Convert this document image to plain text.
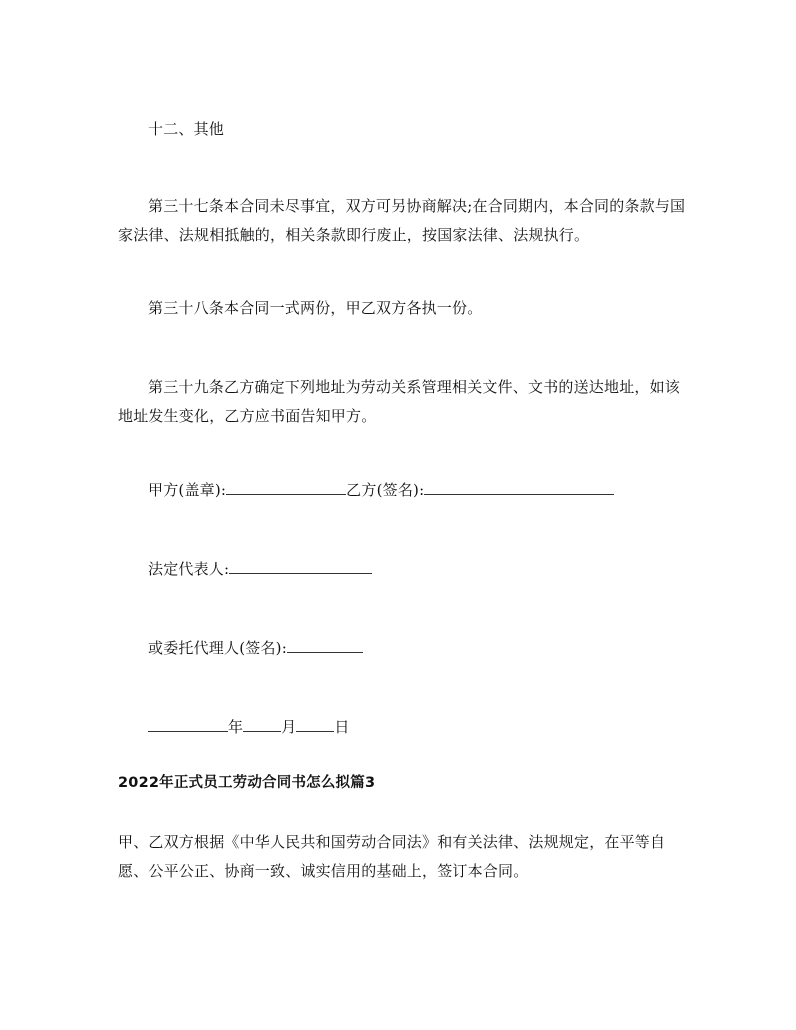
十二、其他
第三十七条本合同未尽事宜，双方可另协商解决;在合同期内，本合同的条款与国家法律、法规相抵触的，相关条款即行废止，按国家法律、法规执行。
第三十八条本合同一式两份，甲乙双方各执一份。
第三十九条乙方确定下列地址为劳动关系管理相关文件、文书的送达地址，如该地址发生变化，乙方应书面告知甲方。
甲方(盖章):	乙方(签名):
法定代表人:
或委托代理人(签名):
年	月	日
2022年正式员工劳动合同书怎么拟篇3
甲、乙双方根据《中华人民共和国劳动合同法》和有关法律、法规规定，在平等自愿、公平公正、协商一致、诚实信用的基础上，签订本合同。
